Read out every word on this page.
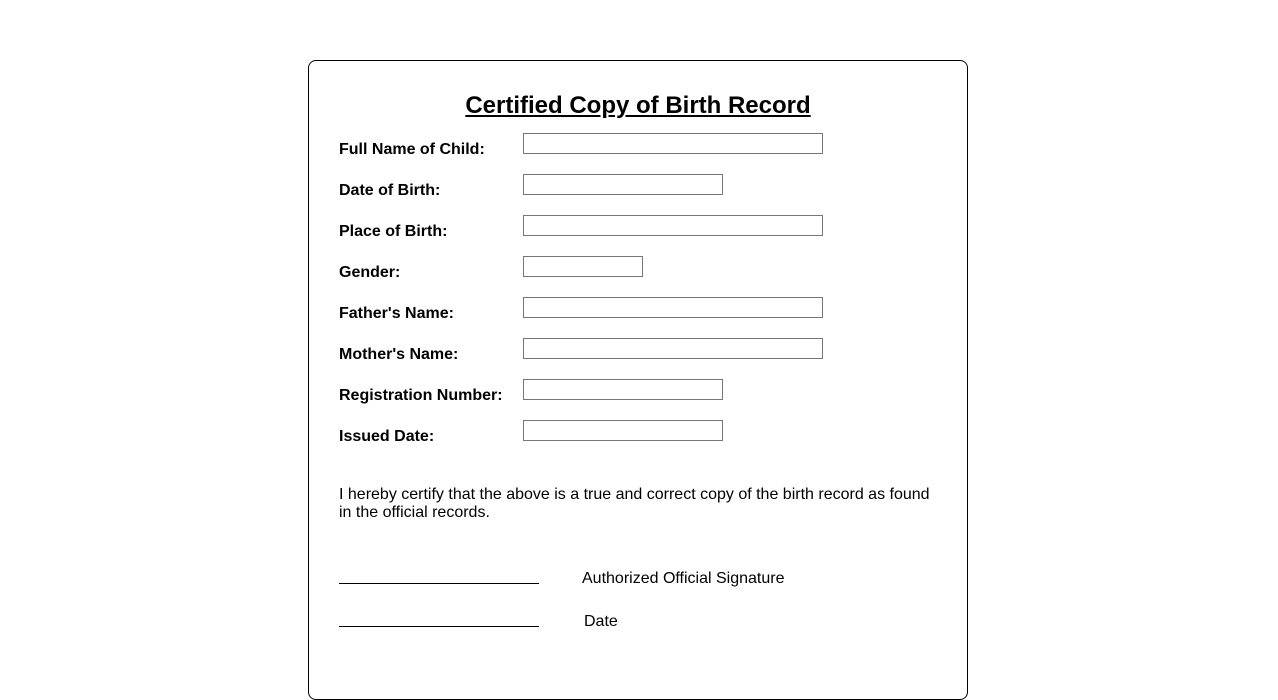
Certified Copy of Birth Record
Full Name of Child:
Date of Birth:
Place of Birth:
Gender:
Father's Name:
Mother's Name:
Registration Number:
Issued Date:

I hereby certify that the above is a true and correct copy of the birth record as found in the official records.

Authorized Official Signature
Date
